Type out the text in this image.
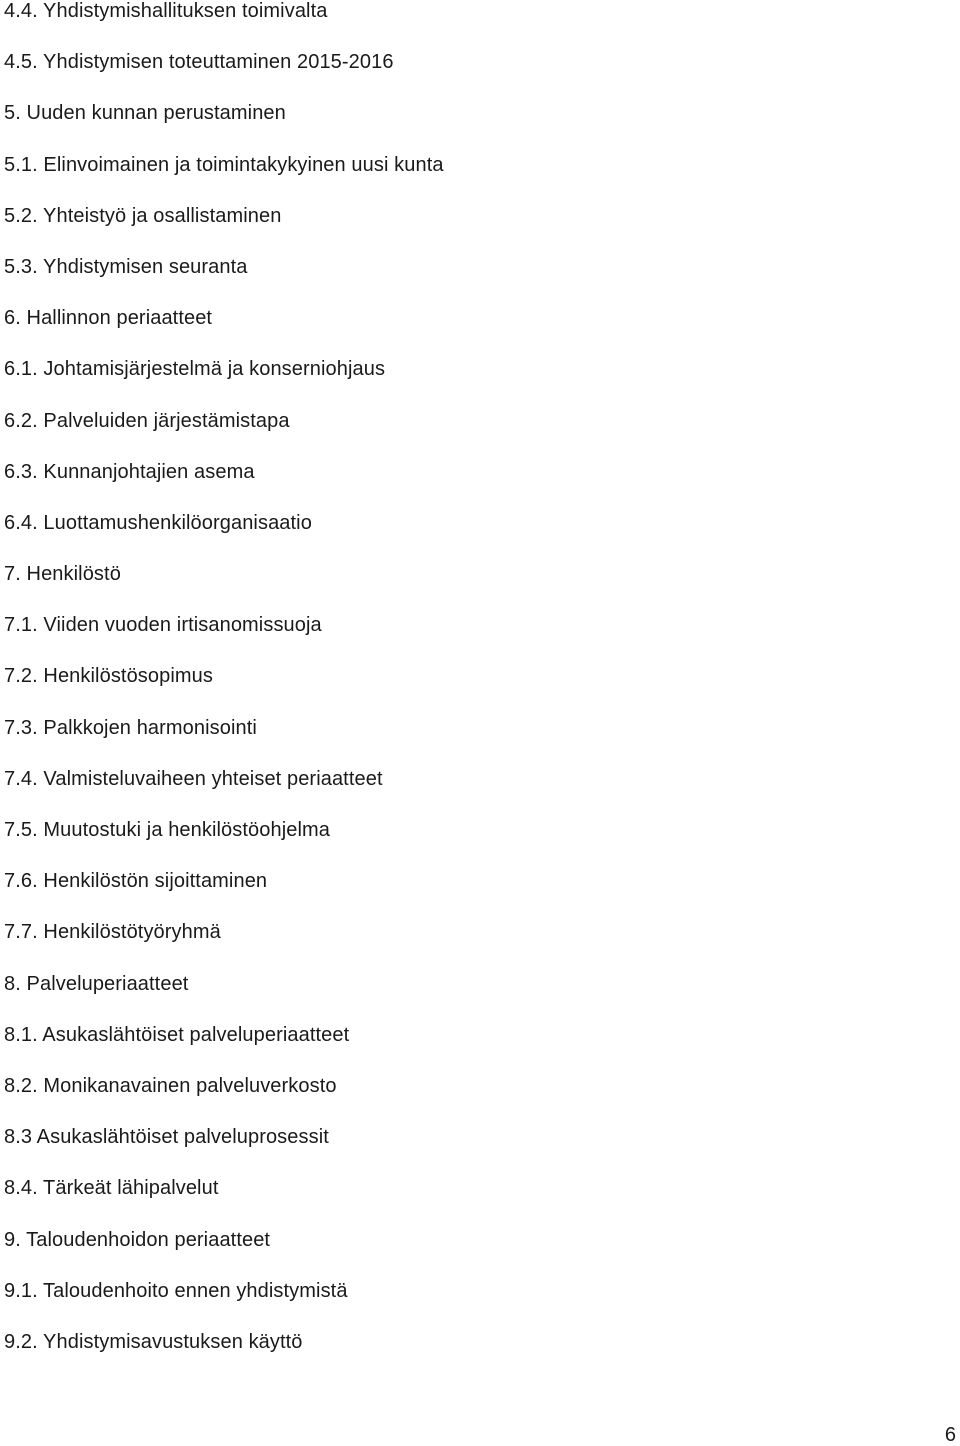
4.4. Yhdistymishallituksen toimivalta
4.5. Yhdistymisen toteuttaminen 2015-2016
5. Uuden kunnan perustaminen
5.1. Elinvoimainen ja toimintakykyinen uusi kunta
5.2. Yhteistyö ja osallistaminen
5.3. Yhdistymisen seuranta
6. Hallinnon periaatteet
6.1. Johtamisjärjestelmä ja konserniohjaus
6.2. Palveluiden järjestämistapa
6.3. Kunnanjohtajien asema
6.4. Luottamushenkilöorganisaatio
7. Henkilöstö
7.1. Viiden vuoden irtisanomissuoja
7.2. Henkilöstösopimus
7.3. Palkkojen harmonisointi
7.4. Valmisteluvaiheen yhteiset periaatteet
7.5. Muutostuki ja henkilöstöohjelma
7.6. Henkilöstön sijoittaminen
7.7. Henkilöstötyöryhmä
8. Palveluperiaatteet
8.1. Asukaslähtöiset palveluperiaatteet
8.2. Monikanavainen palveluverkosto
8.3 Asukaslähtöiset palveluprosessit
8.4. Tärkeät lähipalvelut
9. Taloudenhoidon periaatteet
9.1. Taloudenhoito ennen yhdistymistä
9.2. Yhdistymisavustuksen käyttö
6
